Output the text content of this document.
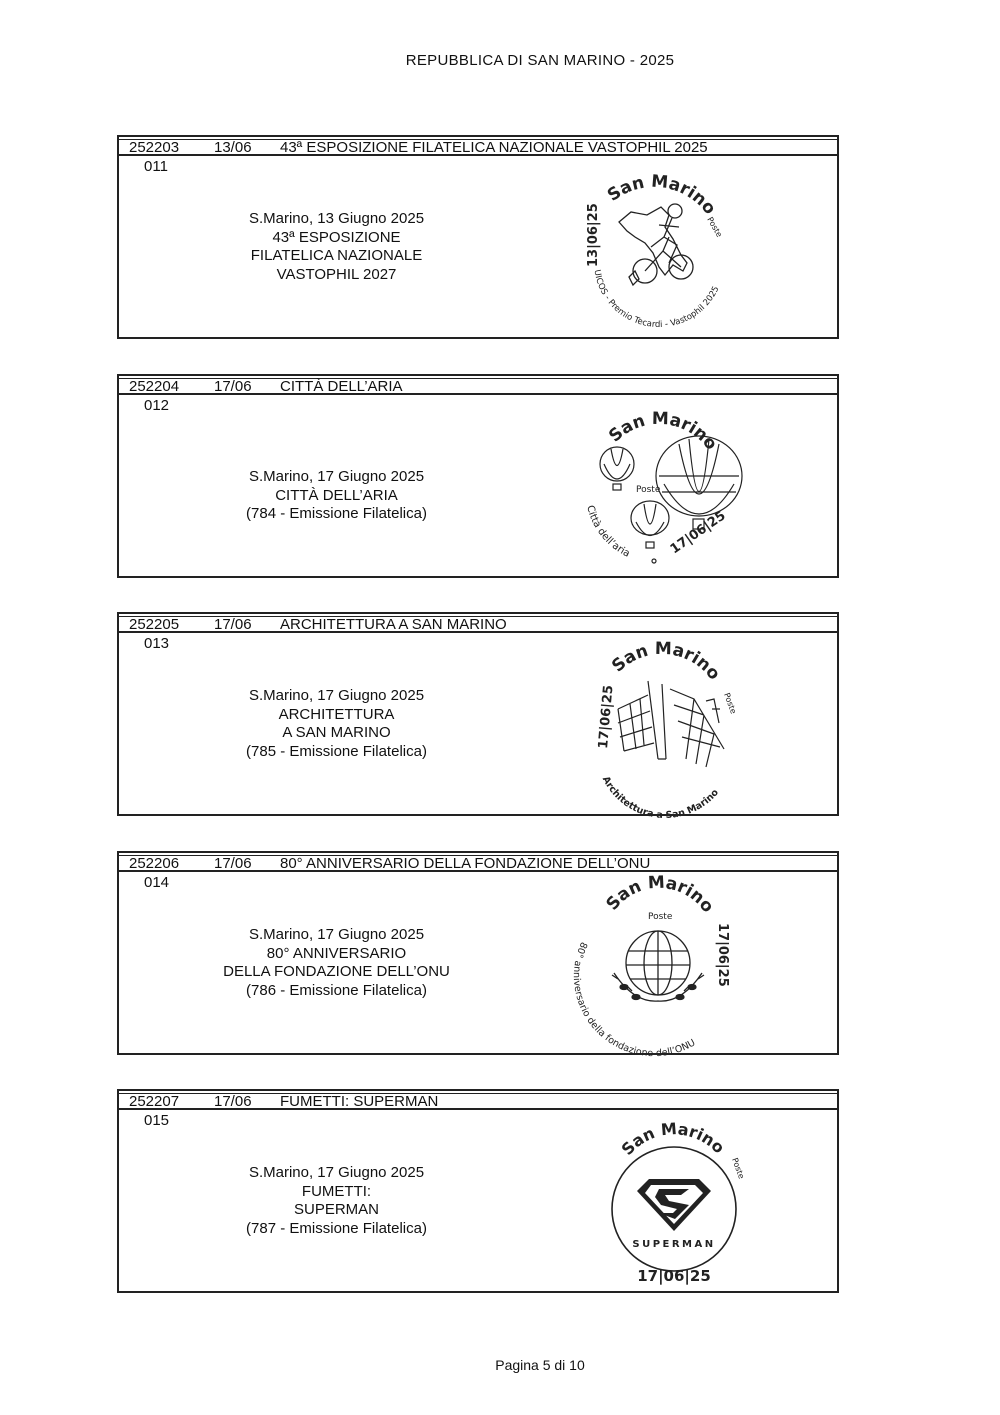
REPUBBLICA DI SAN MARINO - 2025
252203 13/06 43ª ESPOSIZIONE FILATELICA NAZIONALE VASTOPHIL 2025
011
S.Marino, 13 Giugno 2025
43ª ESPOSIZIONE
FILATELICA NAZIONALE
VASTOPHIL 2027
San Marino
Poste
13|06|25
UICOS - Premio Tecardi - Vastophil 2025
252204 17/06 CITTÀ DELL’ARIA
012
S.Marino, 17 Giugno 2025
CITTÀ DELL’ARIA
(784 - Emissione Filatelica)
San Marino
Poste
17|06|25
Città dell’aria
252205 17/06 ARCHITETTURA A SAN MARINO
013
S.Marino, 17 Giugno 2025
ARCHITETTURA
A SAN MARINO
(785 - Emissione Filatelica)
San Marino
Poste
17|06|25
Architettura a San Marino
252206 17/06 80° ANNIVERSARIO DELLA FONDAZIONE DELL’ONU
014
S.Marino, 17 Giugno 2025
80° ANNIVERSARIO
DELLA FONDAZIONE DELL’ONU
(786 - Emissione Filatelica)
San Marino
Poste
17|06|25
80° anniversario della fondazione dell’ONU
252207 17/06 FUMETTI: SUPERMAN
015
S.Marino, 17 Giugno 2025
FUMETTI:
SUPERMAN
(787 - Emissione Filatelica)
San Marino
Poste
SUPERMAN
17|06|25
Pagina 5 di 10
